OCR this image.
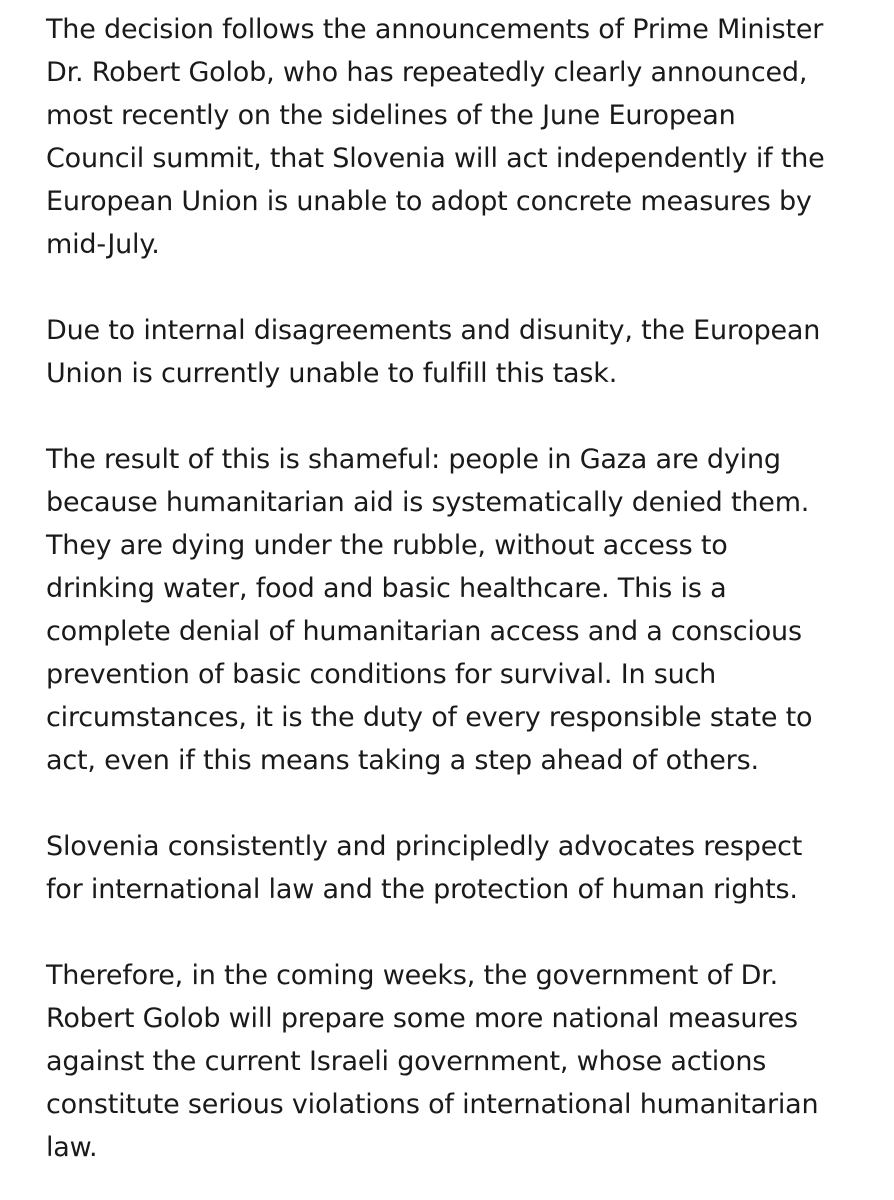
The decision follows the announcements of Prime Minister
Dr. Robert Golob, who has repeatedly clearly announced,
most recently on the sidelines of the June European
Council summit, that Slovenia will act independently if the
European Union is unable to adopt concrete measures by
mid-July.

Due to internal disagreements and disunity, the European
Union is currently unable to fulfill this task.

The result of this is shameful: people in Gaza are dying
because humanitarian aid is systematically denied them.
They are dying under the rubble, without access to
drinking water, food and basic healthcare. This is a
complete denial of humanitarian access and a conscious
prevention of basic conditions for survival. In such
circumstances, it is the duty of every responsible state to
act, even if this means taking a step ahead of others.

Slovenia consistently and principledly advocates respect
for international law and the protection of human rights.

Therefore, in the coming weeks, the government of Dr.
Robert Golob will prepare some more national measures
against the current Israeli government, whose actions
constitute serious violations of international humanitarian
law.
